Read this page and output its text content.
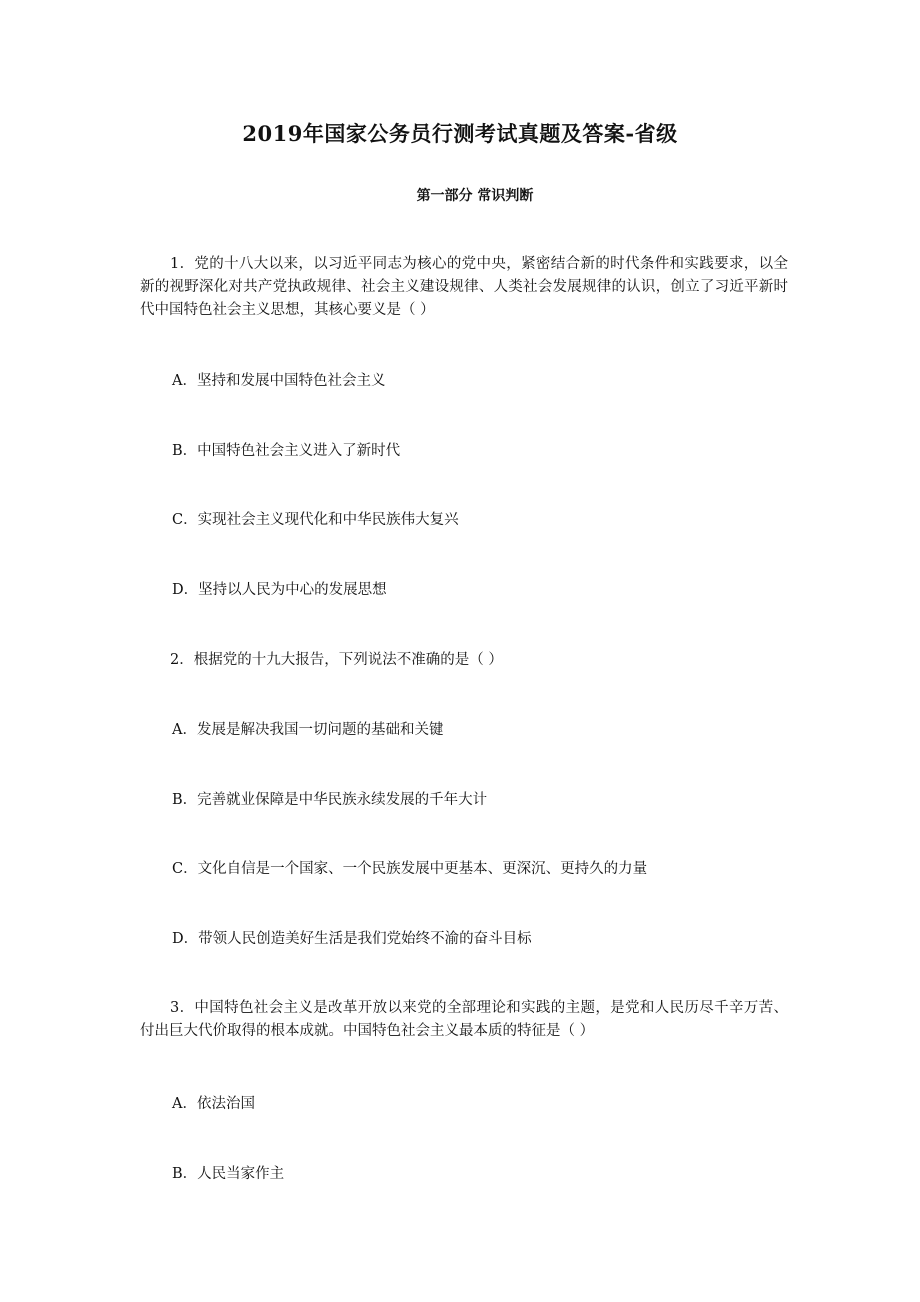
2019年国家公务员行测考试真题及答案-省级
第一部分 常识判断

1．党的十八大以来，以习近平同志为核心的党中央，紧密结合新的时代条件和实践要求，以全新的视野深化对共产党执政规律、社会主义建设规律、人类社会发展规律的认识，创立了习近平新时代中国特色社会主义思想，其核心要义是（ ）

A．坚持和发展中国特色社会主义

B．中国特色社会主义进入了新时代

C．实现社会主义现代化和中华民族伟大复兴

D．坚持以人民为中心的发展思想

2．根据党的十九大报告，下列说法不准确的是（ ）

A．发展是解决我国一切问题的基础和关键

B．完善就业保障是中华民族永续发展的千年大计

C．文化自信是一个国家、一个民族发展中更基本、更深沉、更持久的力量

D．带领人民创造美好生活是我们党始终不渝的奋斗目标

3．中国特色社会主义是改革开放以来党的全部理论和实践的主题，是党和人民历尽千辛万苦、付出巨大代价取得的根本成就。中国特色社会主义最本质的特征是（ ）

A．依法治国

B．人民当家作主
